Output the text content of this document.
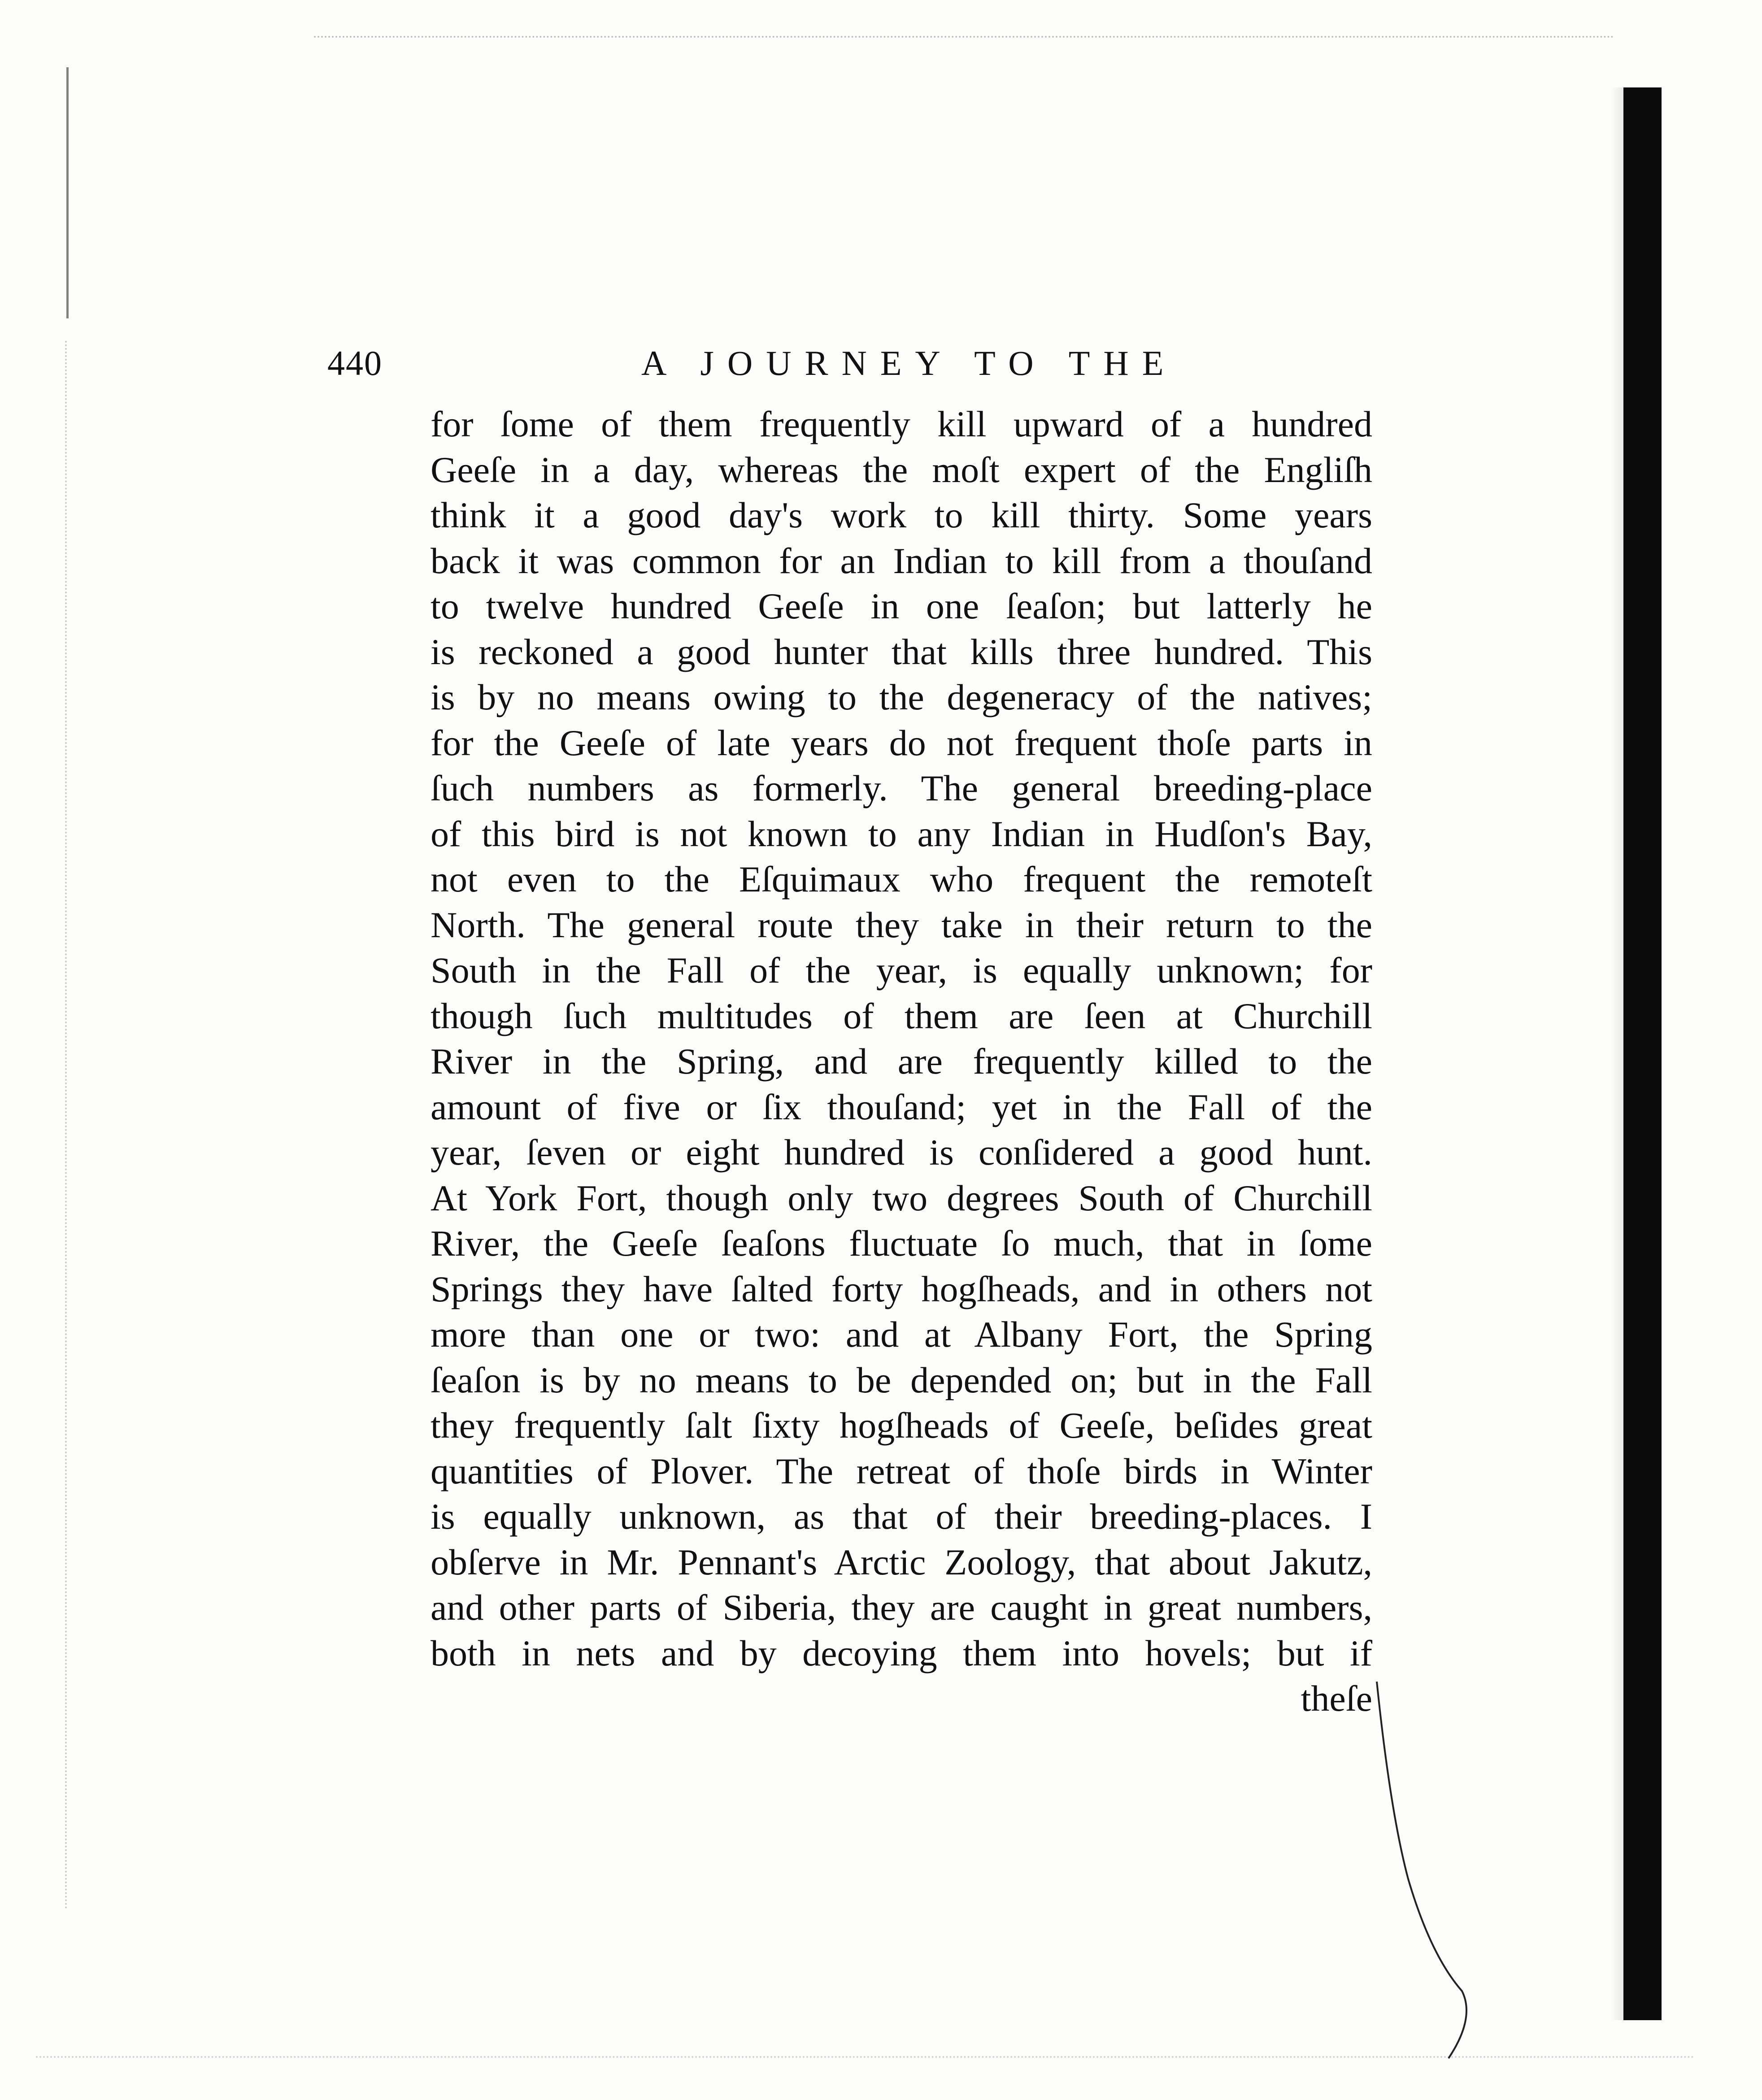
440	A JOURNEY TO THE
for ſome of them frequently kill upward of a hundred
Geeſe in a day, whereas the moſt expert of the Engliſh
think it a good day's work to kill thirty. Some years
back it was common for an Indian to kill from a thouſand
to twelve hundred Geeſe in one ſeaſon; but latterly he
is reckoned a good hunter that kills three hundred. This
is by no means owing to the degeneracy of the natives;
for the Geeſe of late years do not frequent thoſe parts in
ſuch numbers as formerly. The general breeding-place
of this bird is not known to any Indian in Hudſon's Bay,
not even to the Eſquimaux who frequent the remoteſt
North. The general route they take in their return to the
South in the Fall of the year, is equally unknown; for
though ſuch multitudes of them are ſeen at Churchill
River in the Spring, and are frequently killed to the
amount of five or ſix thouſand; yet in the Fall of the
year, ſeven or eight hundred is conſidered a good hunt.
At York Fort, though only two degrees South of Churchill
River, the Geeſe ſeaſons fluctuate ſo much, that in ſome
Springs they have ſalted forty hogſheads, and in others not
more than one or two: and at Albany Fort, the Spring
ſeaſon is by no means to be depended on; but in the Fall
they frequently ſalt ſixty hogſheads of Geeſe, beſides great
quantities of Plover. The retreat of thoſe birds in Winter
is equally unknown, as that of their breeding-places. I
obſerve in Mr. Pennant's Arctic Zoology, that about Jakutz,
and other parts of Siberia, they are caught in great numbers,
both in nets and by decoying them into hovels; but if
theſe
